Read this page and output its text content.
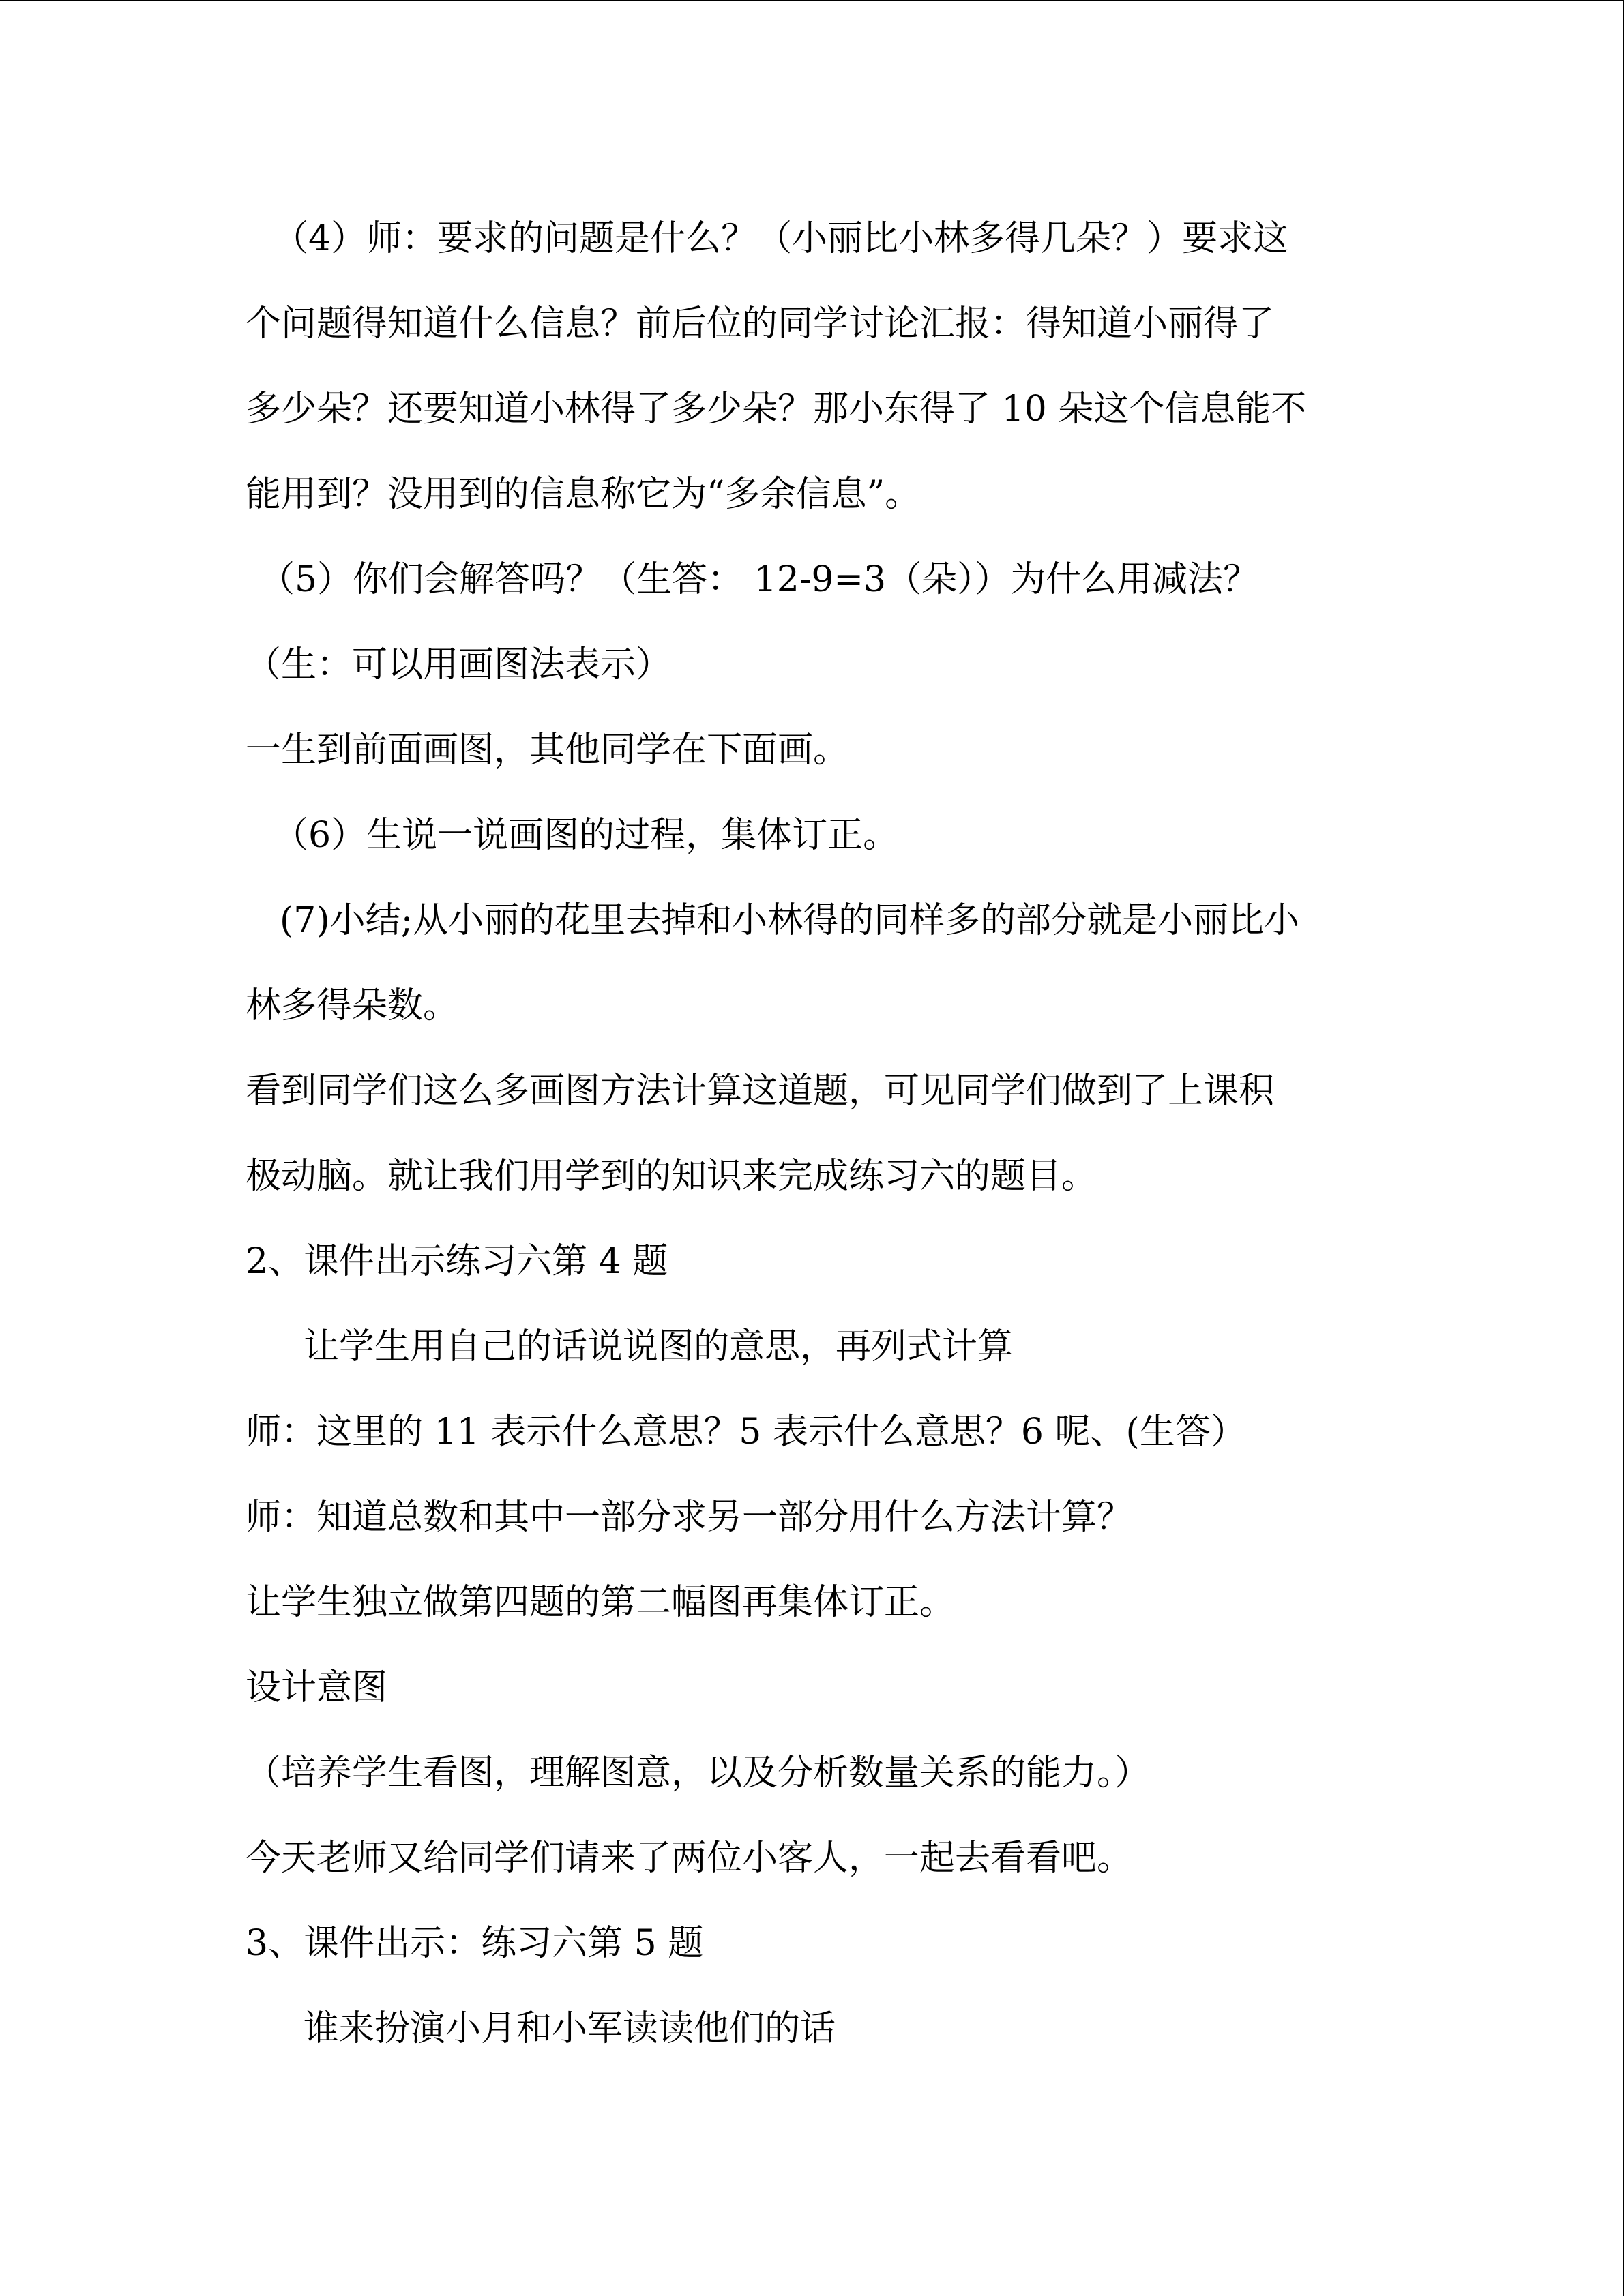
（4）师：要求的问题是什么？（小丽比小林多得几朵？）要求这
个问题得知道什么信息？前后位的同学讨论汇报：得知道小丽得了
多少朵？还要知道小林得了多少朵？那小东得了 10 朵这个信息能不
能用到？没用到的信息称它为“多余信息”。
（5）你们会解答吗？（生答： 12-9=3（朵））为什么用减法？
（生：可以用画图法表示）
一生到前面画图，其他同学在下面画。
（6）生说一说画图的过程，集体订正。
(7)小结;从小丽的花里去掉和小林得的同样多的部分就是小丽比小
林多得朵数。
看到同学们这么多画图方法计算这道题，可见同学们做到了上课积
极动脑。就让我们用学到的知识来完成练习六的题目。
2、课件出示练习六第 4 题
让学生用自己的话说说图的意思，再列式计算
师：这里的 11 表示什么意思？5 表示什么意思？6 呢、(生答）
师：知道总数和其中一部分求另一部分用什么方法计算？
让学生独立做第四题的第二幅图再集体订正。
设计意图
（培养学生看图，理解图意，以及分析数量关系的能力。）
今天老师又给同学们请来了两位小客人，一起去看看吧。
3、课件出示：练习六第 5 题
谁来扮演小月和小军读读他们的话
